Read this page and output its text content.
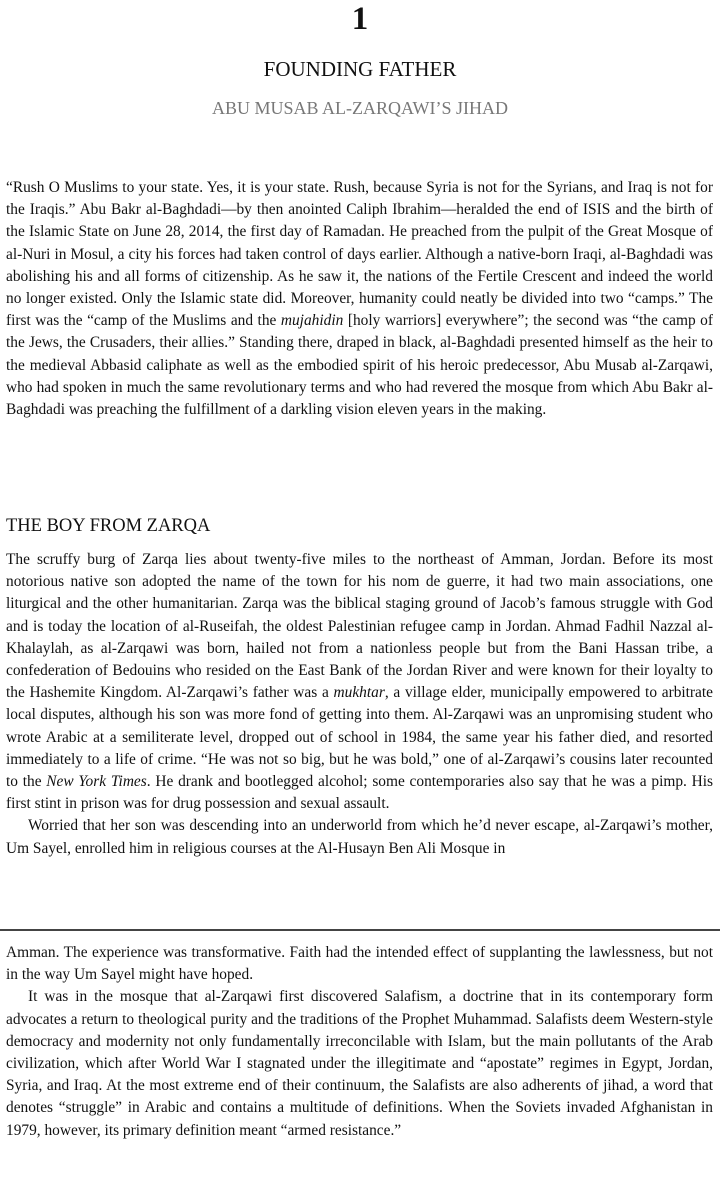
1
FOUNDING FATHER
ABU MUSAB AL-ZARQAWI’S JIHAD

“Rush O Muslims to your state. Yes, it is your state. Rush, because Syria is not for the Syrians, and Iraq is not for the Iraqis.” Abu Bakr al-Baghdadi—by then anointed Caliph Ibrahim—heralded the end of ISIS and the birth of the Islamic State on June 28, 2014, the first day of Ramadan. He preached from the pulpit of the Great Mosque of al-Nuri in Mosul, a city his forces had taken control of days earlier. Although a native-born Iraqi, al-Baghdadi was abolishing his and all forms of citizenship. As he saw it, the nations of the Fertile Crescent and indeed the world no longer existed. Only the Islamic state did. Moreover, humanity could neatly be divided into two “camps.” The first was the “camp of the Muslims and the mujahidin [holy warriors] everywhere”; the second was “the camp of the Jews, the Crusaders, their allies.” Standing there, draped in black, al-Baghdadi presented himself as the heir to the medieval Abbasid caliphate as well as the embodied spirit of his heroic predecessor, Abu Musab al-Zarqawi, who had spoken in much the same revolutionary terms and who had revered the mosque from which Abu Bakr al-Baghdadi was preaching the fulfillment of a darkling vision eleven years in the making.

THE BOY FROM ZARQA

The scruffy burg of Zarqa lies about twenty-five miles to the northeast of Amman, Jordan. Before its most notorious native son adopted the name of the town for his nom de guerre, it had two main associations, one liturgical and the other humanitarian. Zarqa was the biblical staging ground of Jacob’s famous struggle with God and is today the location of al-Ruseifah, the oldest Palestinian refugee camp in Jordan. Ahmad Fadhil Nazzal al-Khalaylah, as al-Zarqawi was born, hailed not from a nationless people but from the Bani Hassan tribe, a confederation of Bedouins who resided on the East Bank of the Jordan River and were known for their loyalty to the Hashemite Kingdom. Al-Zarqawi’s father was a mukhtar, a village elder, municipally empowered to arbitrate local disputes, although his son was more fond of getting into them. Al-Zarqawi was an unpromising student who wrote Arabic at a semiliterate level, dropped out of school in 1984, the same year his father died, and resorted immediately to a life of crime. “He was not so big, but he was bold,” one of al-Zarqawi’s cousins later recounted to the New York Times. He drank and bootlegged alcohol; some contemporaries also say that he was a pimp. His first stint in prison was for drug possession and sexual assault.

Worried that her son was descending into an underworld from which he’d never escape, al-Zarqawi’s mother, Um Sayel, enrolled him in religious courses at the Al-Husayn Ben Ali Mosque in

Amman. The experience was transformative. Faith had the intended effect of supplanting the lawlessness, but not in the way Um Sayel might have hoped.

It was in the mosque that al-Zarqawi first discovered Salafism, a doctrine that in its contemporary form advocates a return to theological purity and the traditions of the Prophet Muhammad. Salafists deem Western-style democracy and modernity not only fundamentally irreconcilable with Islam, but the main pollutants of the Arab civilization, which after World War I stagnated under the illegitimate and “apostate” regimes in Egypt, Jordan, Syria, and Iraq. At the most extreme end of their continuum, the Salafists are also adherents of jihad, a word that denotes “struggle” in Arabic and contains a multitude of definitions. When the Soviets invaded Afghanistan in 1979, however, its primary definition meant “armed resistance.”
